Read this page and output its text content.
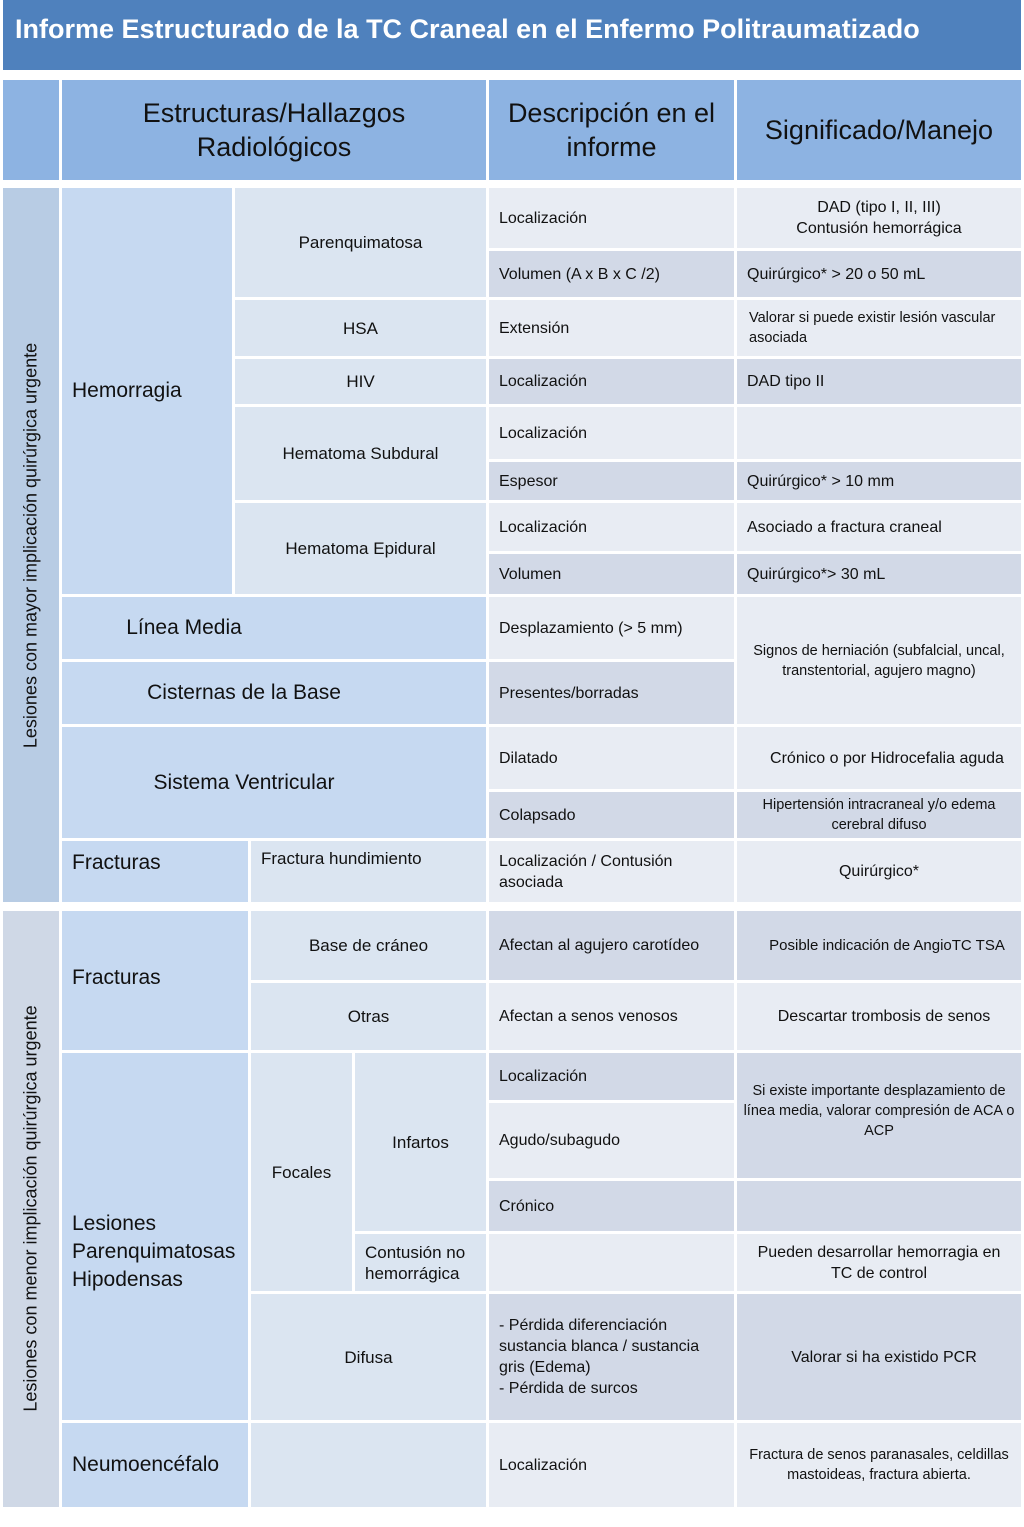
Informe Estructurado de la TC Craneal en el Enfermo Politraumatizado
Estructuras/Hallazgos Radiológicos
Descripción en el informe
Significado/Manejo
Lesiones con mayor implicación quirúrgica urgente	Hemorragia
Parenquimatosa
HSA
HIV
Hematoma Subdural
Hematoma Epidural
Línea Media
Cisternas de la Base
Sistema Ventricular
Fracturas	Fractura hundimiento
Localización
Volumen (A x B x C /2)
Extensión
Localización
Localización
Espesor
Localización
Volumen
Desplazamiento (> 5 mm)
Presentes/borradas
Dilatado
Colapsado
Localización / Contusión asociada
DAD (tipo I, II, III)
Contusión hemorrágica
Quirúrgico* > 20 o 50 mL
Valorar si puede existir lesión vascular asociada
DAD tipo II
Quirúrgico* > 10 mm
Asociado a fractura craneal
Quirúrgico*> 30 mL
Signos de herniación (subfalcial, uncal, transtentorial, agujero magno)
Crónico o por Hidrocefalia aguda
Hipertensión intracraneal y/o edema cerebral difuso
Quirúrgico*
Lesiones con menor implicación quirúrgica urgente
Fracturas
Base de cráneo
Otras
Lesiones Parenquimatosas Hipodensas
Focales
Infartos
Contusión no hemorrágica
Difusa
Neumoencéfalo
Afectan al agujero carotídeo
Afectan a senos venosos
Localización
Agudo/subagudo
Crónico
- Pérdida diferenciación sustancia blanca / sustancia gris (Edema)
- Pérdida de surcos
Localización
Posible indicación de AngioTC TSA
Descartar trombosis de senos
Si existe importante desplazamiento de línea media, valorar compresión de ACA o ACP
Pueden desarrollar hemorragia en TC de control
Valorar si ha existido PCR
Fractura de senos paranasales, celdillas mastoideas, fractura abierta.
